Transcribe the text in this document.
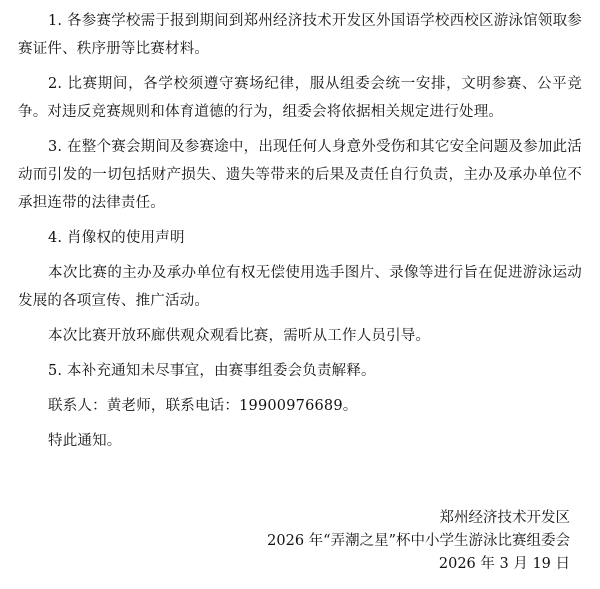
1. 各参赛学校需于报到期间到郑州经济技术开发区外国语学校西校区游泳馆领取参赛证件、秩序册等比赛材料。

2. 比赛期间，各学校须遵守赛场纪律，服从组委会统一安排，文明参赛、公平竞争。对违反竞赛规则和体育道德的行为，组委会将依据相关规定进行处理。

3. 在整个赛会期间及参赛途中，出现任何人身意外受伤和其它安全问题及参加此活动而引发的一切包括财产损失、遗失等带来的后果及责任自行负责，主办及承办单位不承担连带的法律责任。

4. 肖像权的使用声明

本次比赛的主办及承办单位有权无偿使用选手图片、录像等进行旨在促进游泳运动发展的各项宣传、推广活动。

本次比赛开放环廊供观众观看比赛，需听从工作人员引导。

5. 本补充通知未尽事宜，由赛事组委会负责解释。

联系人：黄老师，联系电话：19900976689。

特此通知。

郑州经济技术开发区
2026 年“弄潮之星”杯中小学生游泳比赛组委会
2026 年 3 月 19 日
